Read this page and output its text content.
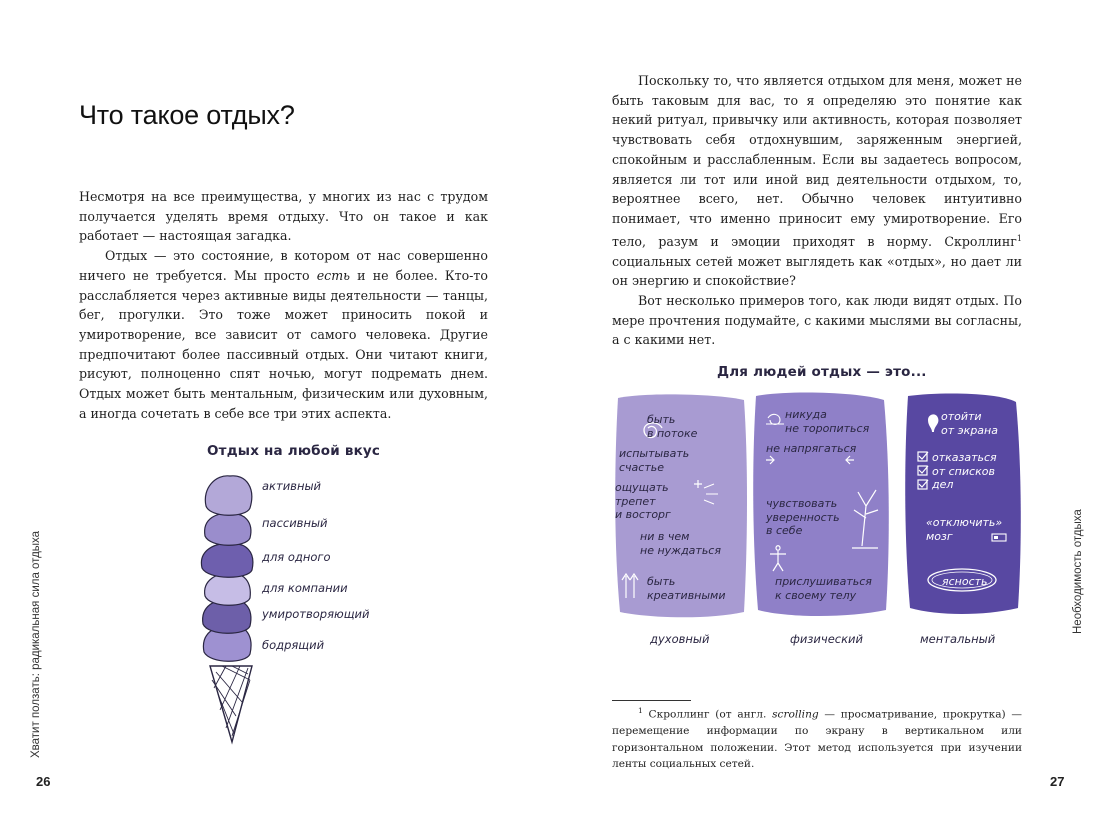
Что такое отдых?

Несмотря на все преимущества, у многих из нас с трудом получается уделять время отдыху. Что он такое и как работает — настоящая загадка.

Отдых — это состояние, в котором от нас совершенно ничего не требуется. Мы просто есть и не более. Кто-то расслабляется через активные виды деятельности — танцы, бег, прогулки. Это тоже может приносить покой и умиротворение, все зависит от самого человека. Другие предпочитают более пассивный отдых. Они читают книги, рисуют, полноценно спят ночью, могут подремать днем. Отдых может быть ментальным, физическим или духовным, а иногда сочетать в себе все три этих аспекта.

Отдых на любой вкус
активный
пассивный
для одного
для компании
умиротворяющий
бодрящий
Хватит ползать: радикальная сила отдыха
26

Поскольку то, что является отдыхом для меня, может не быть таковым для вас, то я определяю это понятие как некий ритуал, привычку или активность, которая позволяет чувствовать себя отдохнувшим, заряженным энергией, спокойным и расслабленным. Если вы задаетесь вопросом, является ли тот или иной вид деятельности отдыхом, то, вероятнее всего, нет. Обычно человек интуитивно понимает, что именно приносит ему умиротворение. Его тело, разум и эмоции приходят в норму. Скроллинг$^1$ социальных сетей может выглядеть как «отдых», но дает ли он энергию и спокойствие?

Вот несколько примеров того, как люди видят отдых. По мере прочтения подумайте, с какими мыслями вы согласны, а с какими нет.

Для людей отдых — это...
быть
в потоке
испытывать
счастье
ощущать
трепет
и восторг
ни в чем
не нуждаться
быть
креативными
никуда
не торопиться
не напрягаться
чувствовать
уверенность
в себе
прислушиваться
к своему телу
отойти
от экрана
отказаться
от списков
дел
«отключить»
мозг
ясность
духовный	физический	ментальный

$^1$ Скроллинг (от англ. scrolling — просматривание, прокрутка) — перемещение информации по экрану в вертикальном или горизонтальном положении. Этот метод используется при изучении ленты социальных сетей.

Необходимость отдыха
27
